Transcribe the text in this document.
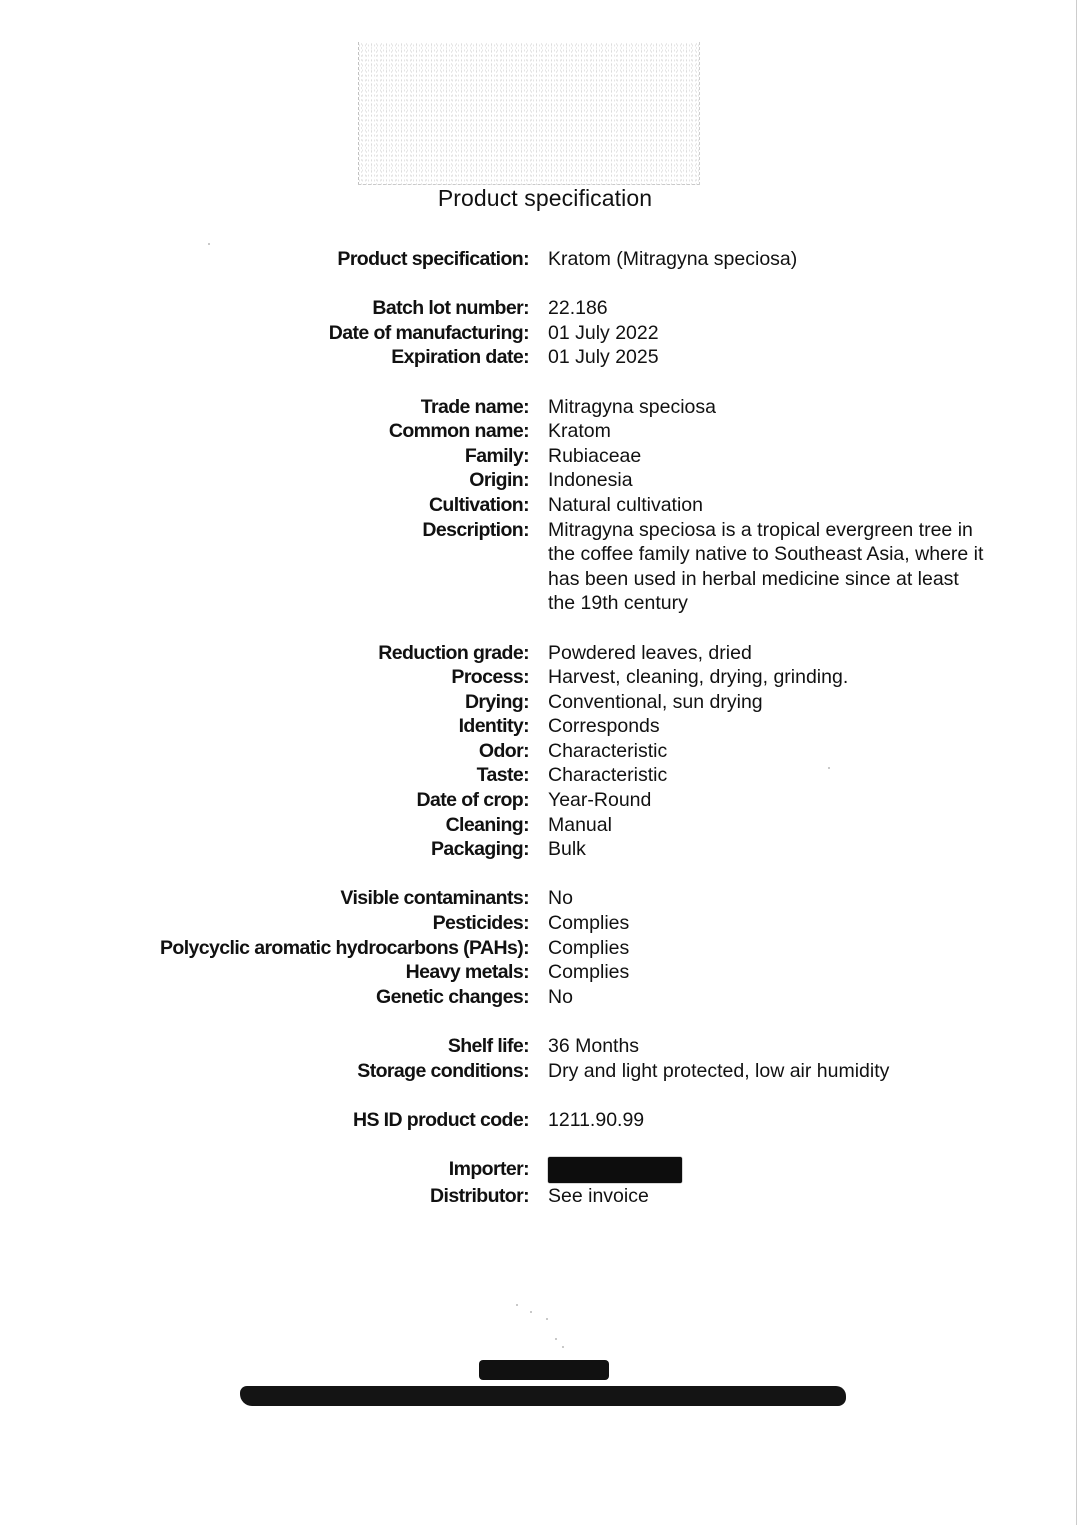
Product specification
Product specification: Kratom (Mitragyna speciosa)
Batch lot number: 22.186
Date of manufacturing: 01 July 2022
Expiration date: 01 July 2025
Trade name: Mitragyna speciosa
Common name: Kratom
Family: Rubiaceae
Origin: Indonesia
Cultivation: Natural cultivation
Description: Mitragyna speciosa is a tropical evergreen tree in the coffee family native to Southeast Asia, where it has been used in herbal medicine since at least the 19th century
Reduction grade: Powdered leaves, dried
Process: Harvest, cleaning, drying, grinding.
Drying: Conventional, sun drying
Identity: Corresponds
Odor: Characteristic
Taste: Characteristic
Date of crop: Year-Round
Cleaning: Manual
Packaging: Bulk
Visible contaminants: No
Pesticides: Complies
Polycyclic aromatic hydrocarbons (PAHs): Complies
Heavy metals: Complies
Genetic changes: No
Shelf life: 36 Months
Storage conditions: Dry and light protected, low air humidity
HS ID product code: 1211.90.99
Importer:
Distributor: See invoice
